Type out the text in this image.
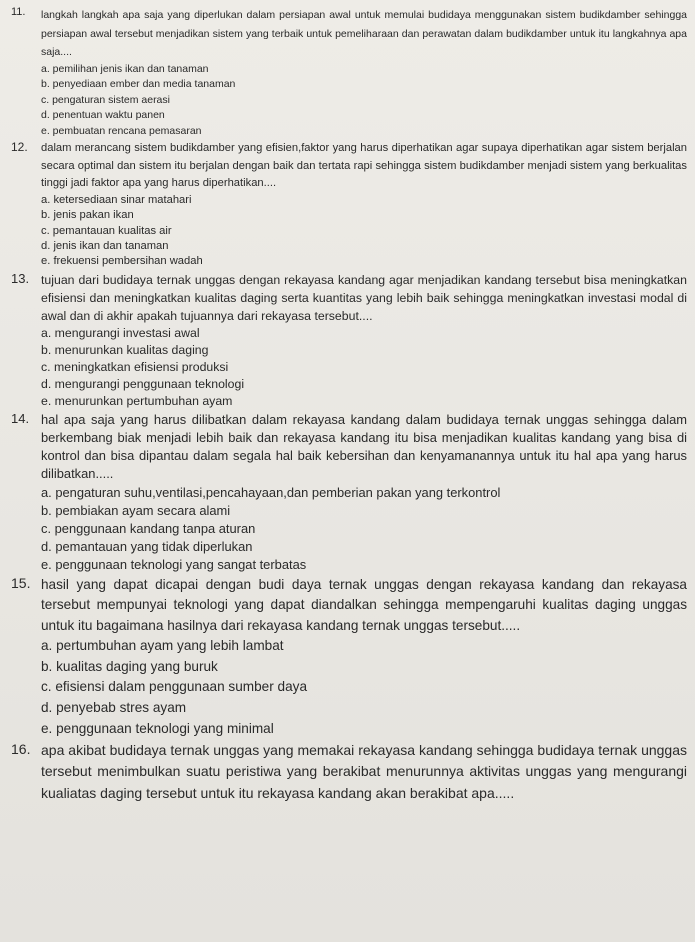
11. langkah langkah apa saja yang diperlukan dalam persiapan awal untuk memulai budidaya menggunakan sistem budikdamber sehingga persiapan awal tersebut menjadikan sistem yang terbaik untuk pemeliharaan dan perawatan dalam budikdamber untuk itu langkahnya apa saja....
a. pemilihan jenis ikan dan tanaman
b. penyediaan ember dan media tanaman
c. pengaturan sistem aerasi
d. penentuan waktu panen
e. pembuatan rencana pemasaran
12. dalam merancang sistem budikdamber yang efisien,faktor yang harus diperhatikan agar supaya diperhatikan agar sistem berjalan secara optimal dan sistem itu berjalan dengan baik dan tertata rapi sehingga sistem budikdamber menjadi sistem yang berkualitas tinggi jadi faktor apa yang harus diperhatikan....
a. ketersediaan sinar matahari
b. jenis pakan ikan
c. pemantauan kualitas air
d. jenis ikan dan tanaman
e. frekuensi pembersihan wadah
13. tujuan dari budidaya ternak unggas dengan rekayasa kandang agar menjadikan kandang tersebut bisa meningkatkan efisiensi dan meningkatkan kualitas daging serta kuantitas yang lebih baik sehingga meningkatkan investasi modal di awal dan di akhir apakah tujuannya dari rekayasa tersebut....
a. mengurangi investasi awal
b. menurunkan kualitas daging
c. meningkatkan efisiensi produksi
d. mengurangi penggunaan teknologi
e. menurunkan pertumbuhan ayam
14. hal apa saja yang harus dilibatkan dalam rekayasa kandang dalam budidaya ternak unggas sehingga dalam berkembang biak menjadi lebih baik dan rekayasa kandang itu bisa menjadikan kualitas kandang yang bisa di kontrol dan bisa dipantau dalam segala hal baik kebersihan dan kenyamanannya untuk itu hal apa yang harus dilibatkan.....
a. pengaturan suhu,ventilasi,pencahayaan,dan pemberian pakan yang terkontrol
b. pembiakan ayam secara alami
c. penggunaan kandang tanpa aturan
d. pemantauan yang tidak diperlukan
e. penggunaan teknologi yang sangat terbatas
15. hasil yang dapat dicapai dengan budi daya ternak unggas dengan rekayasa kandang dan rekayasa tersebut mempunyai teknologi yang dapat diandalkan sehingga mempengaruhi kualitas daging unggas untuk itu bagaimana hasilnya dari rekayasa kandang ternak unggas tersebut.....
a. pertumbuhan ayam yang lebih lambat
b. kualitas daging yang buruk
c. efisiensi dalam penggunaan sumber daya
d. penyebab stres ayam
e. penggunaan teknologi yang minimal
16. apa akibat budidaya ternak unggas yang memakai rekayasa kandang sehingga budidaya ternak unggas tersebut menimbulkan suatu peristiwa yang berakibat menurunnya aktivitas unggas yang mengurangi kualiatas daging tersebut untuk itu rekayasa kandang akan berakibat apa.....
